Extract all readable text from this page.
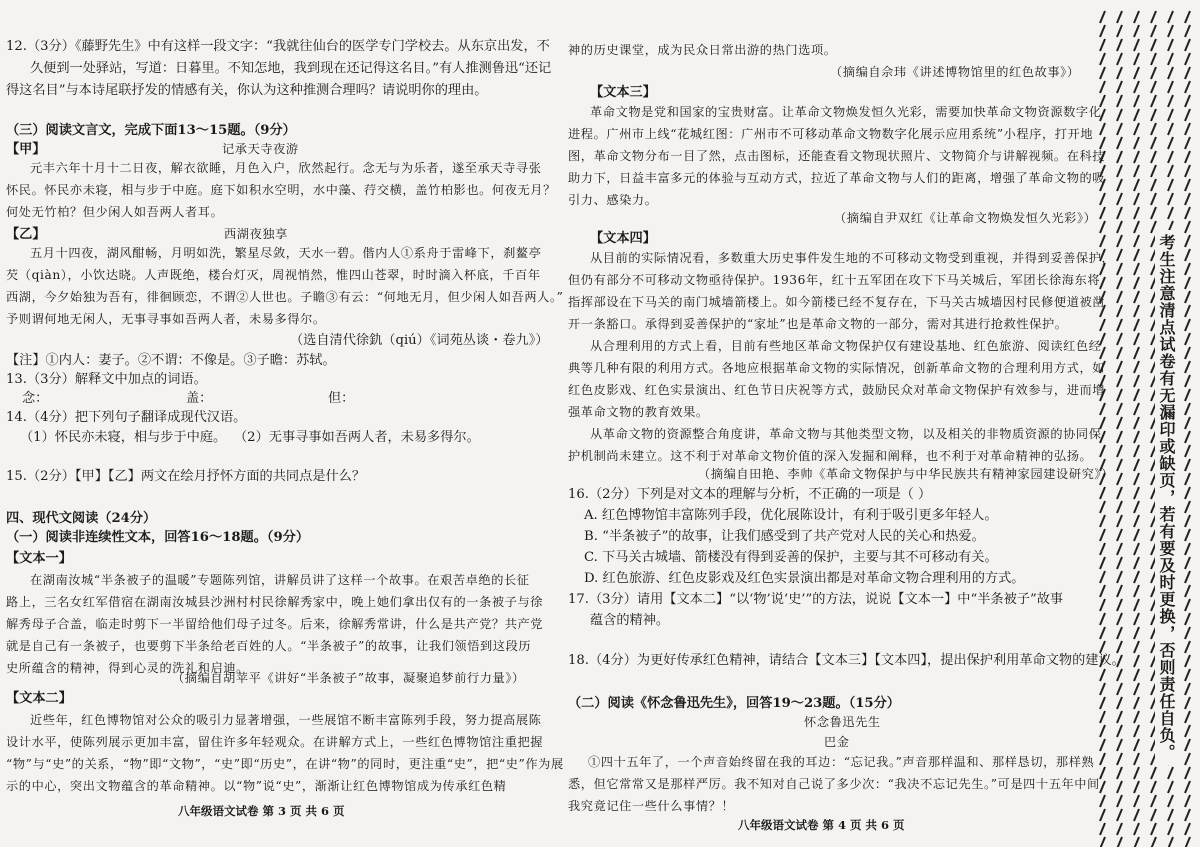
12.（3分）《藤野先生》中有这样一段文字：“我就往仙台的医学专门学校去。从东京出发，不
久便到一处驿站，写道：日暮里。不知怎地，我到现在还记得这名目。”有人推测鲁迅“还记
得这名目”与本诗尾联抒发的情感有关，你认为这种推测合理吗？请说明你的理由。
（三）阅读文言文，完成下面13～15题。（9分）
【甲】	记承天寺夜游
元丰六年十月十二日夜，解衣欲睡，月色入户，欣然起行。念无与为乐者，遂至承天寺寻张
怀民。怀民亦未寝，相与步于中庭。庭下如积水空明，水中藻、荇交横，盖竹柏影也。何夜无月？
何处无竹柏？但少闲人如吾两人者耳。
【乙】	西湖夜独享
五月十四夜，湖风酣畅，月明如洗，繁星尽敛，天水一碧。偕内人①系舟于雷峰下，刹鳌亭
芡（qiàn），小饮达晓。人声既绝，楼台灯灭，周视悄然，惟四山苍翠，时时滴入杯底，千百年
西湖，今夕始独为吾有，徘徊顾恋，不谓②人世也。子瞻③有云：“何地无月，但少闲人如吾两人。”
予则谓何地无闲人，无事寻事如吾两人者，未易多得尔。
（选自清代徐釚（qiú）《词苑丛谈・卷九》）
【注】①内人：妻子。②不谓：不像是。③子瞻：苏轼。
13.（3分）解释文中加点的词语。
念：	盖：	但：
14.（4分）把下列句子翻译成现代汉语。
（1）怀民亦未寝，相与步于中庭。 （2）无事寻事如吾两人者，未易多得尔。
15.（2分）【甲】【乙】两文在绘月抒怀方面的共同点是什么？
四、现代文阅读（24分）
（一）阅读非连续性文本，回答16～18题。（9分）
【文本一】
在湖南汝城“半条被子的温暖”专题陈列馆，讲解员讲了这样一个故事。在艰苦卓绝的长征
路上，三名女红军借宿在湖南汝城县沙洲村村民徐解秀家中，晚上她们拿出仅有的一条被子与徐
解秀母子合盖，临走时剪下一半留给他们母子过冬。后来，徐解秀常讲，什么是共产党？共产党
就是自己有一条被子，也要剪下半条给老百姓的人。“半条被子”的故事，让我们领悟到这段历
史所蕴含的精神，得到心灵的洗礼和启迪。
（摘编自胡苹平《讲好“半条被子”故事，凝聚追梦前行力量》）
【文本二】
近些年，红色博物馆对公众的吸引力显著增强，一些展馆不断丰富陈列手段，努力提高展陈
设计水平，使陈列展示更加丰富，留住许多年轻观众。在讲解方式上，一些红色博物馆注重把握
“物”与“史”的关系，“物”即“文物”，“史”即“历史”，在讲“物”的同时，更注重“史”，把“史”作为展
示的中心，突出文物蕴含的革命精神。以“物”说“史”，渐渐让红色博物馆成为传承红色精
八年级语文试卷 第 3 页 共 6 页
神的历史课堂，成为民众日常出游的热门选项。
（摘编自佘玮《讲述博物馆里的红色故事》）
【文本三】
革命文物是党和国家的宝贵财富。让革命文物焕发恒久光彩，需要加快革命文物资源数字化
进程。广州市上线“花城红图：广州市不可移动革命文物数字化展示应用系统”小程序，打开地
图，革命文物分布一目了然，点击图标，还能查看文物现状照片、文物简介与讲解视频。在科技
助力下，日益丰富多元的体验与互动方式，拉近了革命文物与人们的距离，增强了革命文物的吸
引力、感染力。
（摘编自尹双红《让革命文物焕发恒久光彩》）
【文本四】
从目前的实际情况看，多数重大历史事件发生地的不可移动文物受到重视，并得到妥善保护，
但仍有部分不可移动文物亟待保护。1936年，红十五军团在攻下下马关城后，军团长徐海东将
指挥部设在下马关的南门城墙箭楼上。如今箭楼已经不复存在，下马关古城墙因村民修便道被凿
开一条豁口。承得到妥善保护的“家址”也是革命文物的一部分，需对其进行抢救性保护。
从合理利用的方式上看，目前有些地区革命文物保护仅有建设基地、红色旅游、阅读红色经
典等几种有限的利用方式。各地应根据革命文物的实际情况，创新革命文物的合理利用方式，如
红色皮影戏、红色实景演出、红色节日庆祝等方式，鼓励民众对革命文物保护有效参与，进而增
强革命文物的教育效果。
从革命文物的资源整合角度讲，革命文物与其他类型文物，以及相关的非物质资源的协同保
护机制尚未建立。这不利于对革命文物价值的深入发掘和阐释，也不利于对革命精神的弘扬。
（摘编自田艳、李帅《革命文物保护与中华民族共有精神家园建设研究》）
16.（2分）下列是对文本的理解与分析，不正确的一项是（ ）
A. 红色博物馆丰富陈列手段，优化展陈设计，有利于吸引更多年轻人。
B. “半条被子”的故事，让我们感受到了共产党对人民的关心和热爱。
C. 下马关古城墙、箭楼没有得到妥善的保护，主要与其不可移动有关。
D. 红色旅游、红色皮影戏及红色实景演出都是对革命文物合理利用的方式。
17.（3分）请用【文本二】“以‘物’说‘史’”的方法，说说【文本一】中“半条被子”故事
蕴含的精神。
18.（4分）为更好传承红色精神，请结合【文本三】【文本四】，提出保护利用革命文物的建议。
（二）阅读《怀念鲁迅先生》，回答19～23题。（15分）
怀念鲁迅先生
巴金
①四十五年了，一个声音始终留在我的耳边：“忘记我。”声音那样温和、那样恳切，那样熟
悉，但它常常又是那样严厉。我不知对自己说了多少次：“我决不忘记先生。”可是四十五年中间
我究竟记住一些什么事情？！
八年级语文试卷 第 4 页 共 6 页
考生注意清点试卷有无漏印或缺页，若有要及时更换，否则责任自负。
